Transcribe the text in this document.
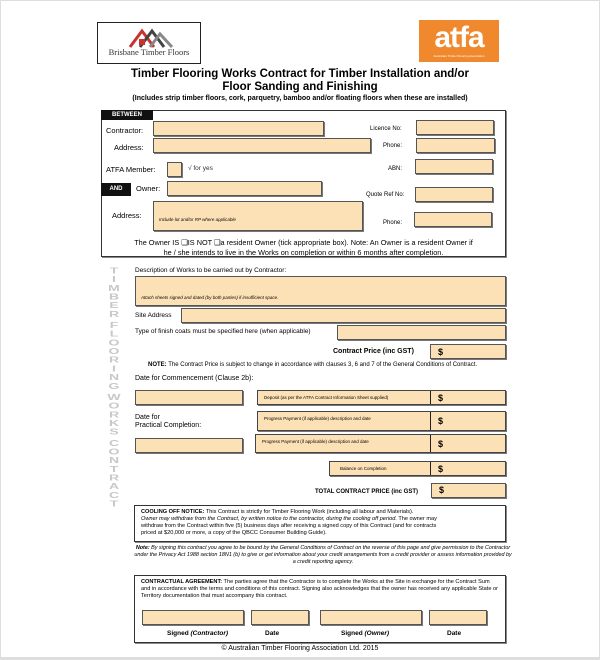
Brisbane Timber Floors	atfa
Australian Timber Flooring Association
Timber Flooring Works Contract for Timber Installation and/or
Floor Sanding and Finishing
(Includes strip timber floors, cork, parquetry, bamboo and/or floating floors when these are installed)
BETWEEN
Contractor:	Licence No:
Address:	Phone:
ATFA Member:	√ for yes	ABN:
AND	Owner:
Quote Ref No:
Address:	Include lot and/or RP where applicable
Phone:
The Owner IS ❑IS NOT ❑a resident Owner (tick appropriate box). Note: An Owner is a resident Owner if
he / she intends to live in the Works on completion or within 6 months after completion.
T
I
M
B
E
R

F
L
O
O
R
I
N
G

W
O
R
K
S

C
O
N
T
R
A
C
T
Description of Works to be carried out by Contractor:
Attach sheets signed and dated (by both parties) if insufficient space.
Site Address
Type of finish coats must be specified here (when applicable)
Contract Price (inc GST)	$
NOTE: The Contract Price is subject to change in accordance with clauses 3, 6 and 7 of the General Conditions of Contract.
Date for Commencement (Clause 2b):
Date for
Practical Completion:
Deposit (as per the ATFA Contract Information Sheet supplied)	$
Progress Payment (if applicable) description and date	$
Progress Payment (if applicable) description and date	$
Balance on Completion	$
TOTAL CONTRACT PRICE (inc GST) $
COOLING OFF NOTICE: This Contract is strictly for Timber Flooring Work (including all labour and Materials).
Owner may withdraw from the Contract, by written notice to the contractor, during the cooling off period. The owner may
withdraw from the Contract within five (5) business days after receiving a signed copy of this Contract (and for contracts
priced at $20,000 or more, a copy of the QBCC Consumer Building Guide).
Note: By signing this contract you agree to be bound by the General Conditions of Contract on the reverse of this page and give permission to the Contractor under the Privacy Act 1988 section 18N1 (b) to give or get information about your credit arrangements from a credit provider or assess information provided by a credit reporting agency.
CONTRACTUAL AGREEMENT: The parties agree that the Contractor is to complete the Works at the Site in exchange for the Contract Sum and in accordance with the terms and conditions of this contract. Signing also acknowledges that the owner has received any applicable State or Territory documentation that must accompany this contract.
Signed (Contractor)	Date	Signed (Owner)	Date
© Australian Timber Flooring Association Ltd. 2015
